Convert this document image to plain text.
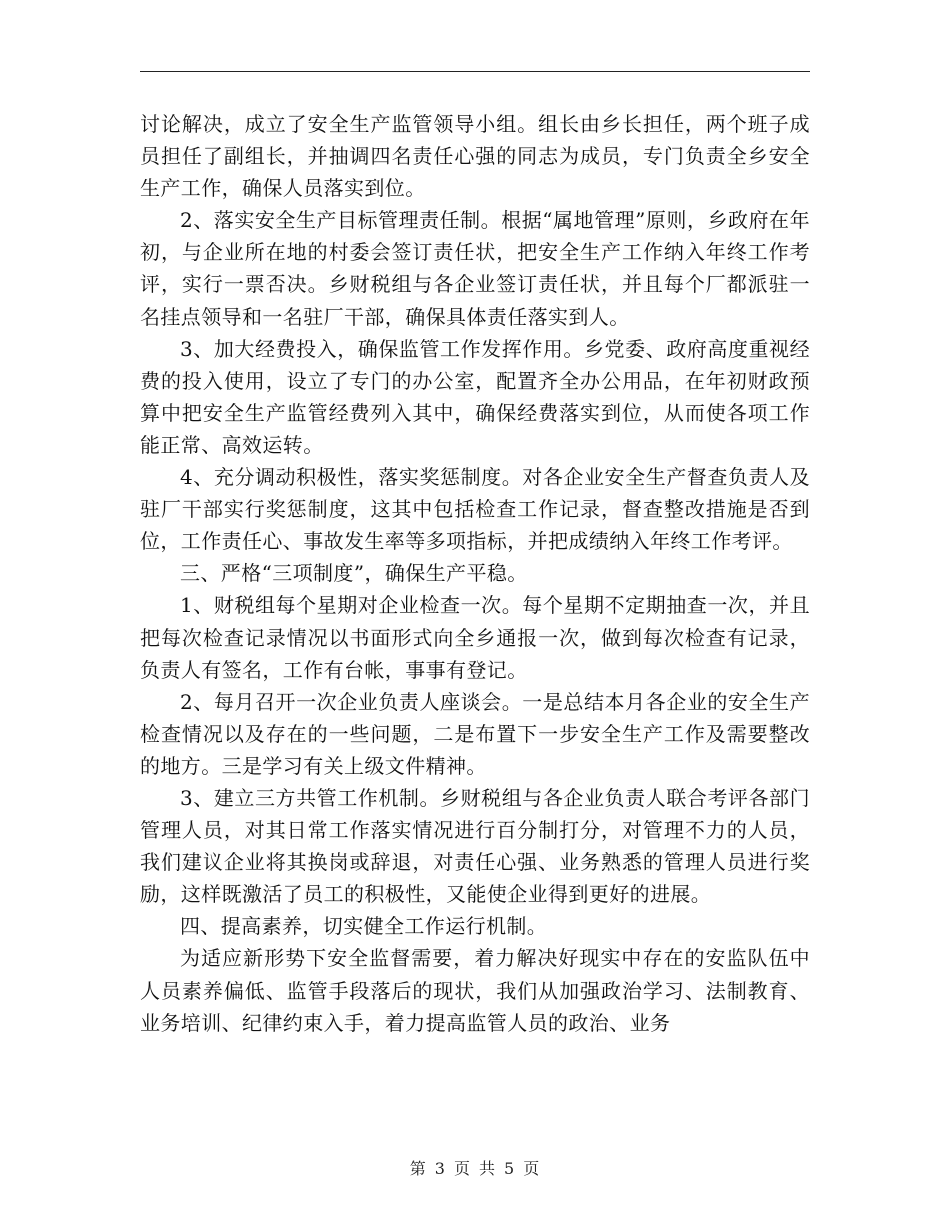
讨论解决，成立了安全生产监管领导小组。组长由乡长担任，两个班子成员担任了副组长，并抽调四名责任心强的同志为成员，专门负责全乡安全生产工作，确保人员落实到位。

2、落实安全生产目标管理责任制。根据“属地管理”原则，乡政府在年初，与企业所在地的村委会签订责任状，把安全生产工作纳入年终工作考评，实行一票否决。乡财税组与各企业签订责任状，并且每个厂都派驻一名挂点领导和一名驻厂干部，确保具体责任落实到人。

3、加大经费投入，确保监管工作发挥作用。乡党委、政府高度重视经费的投入使用，设立了专门的办公室，配置齐全办公用品，在年初财政预算中把安全生产监管经费列入其中，确保经费落实到位，从而使各项工作能正常、高效运转。

4、充分调动积极性，落实奖惩制度。对各企业安全生产督查负责人及驻厂干部实行奖惩制度，这其中包括检查工作记录，督查整改措施是否到位，工作责任心、事故发生率等多项指标，并把成绩纳入年终工作考评。

三、严格“三项制度”，确保生产平稳。

1、财税组每个星期对企业检查一次。每个星期不定期抽查一次，并且把每次检查记录情况以书面形式向全乡通报一次，做到每次检查有记录，负责人有签名，工作有台帐，事事有登记。

2、每月召开一次企业负责人座谈会。一是总结本月各企业的安全生产检查情况以及存在的一些问题，二是布置下一步安全生产工作及需要整改的地方。三是学习有关上级文件精神。

3、建立三方共管工作机制。乡财税组与各企业负责人联合考评各部门管理人员，对其日常工作落实情况进行百分制打分，对管理不力的人员，我们建议企业将其换岗或辞退，对责任心强、业务熟悉的管理人员进行奖励，这样既激活了员工的积极性，又能使企业得到更好的进展。

四、提高素养，切实健全工作运行机制。

为适应新形势下安全监督需要，着力解决好现实中存在的安监队伍中人员素养偏低、监管手段落后的现状，我们从加强政治学习、法制教育、业务培训、纪律约束入手，着力提高监管人员的政治、业务

第 3 页 共 5 页
